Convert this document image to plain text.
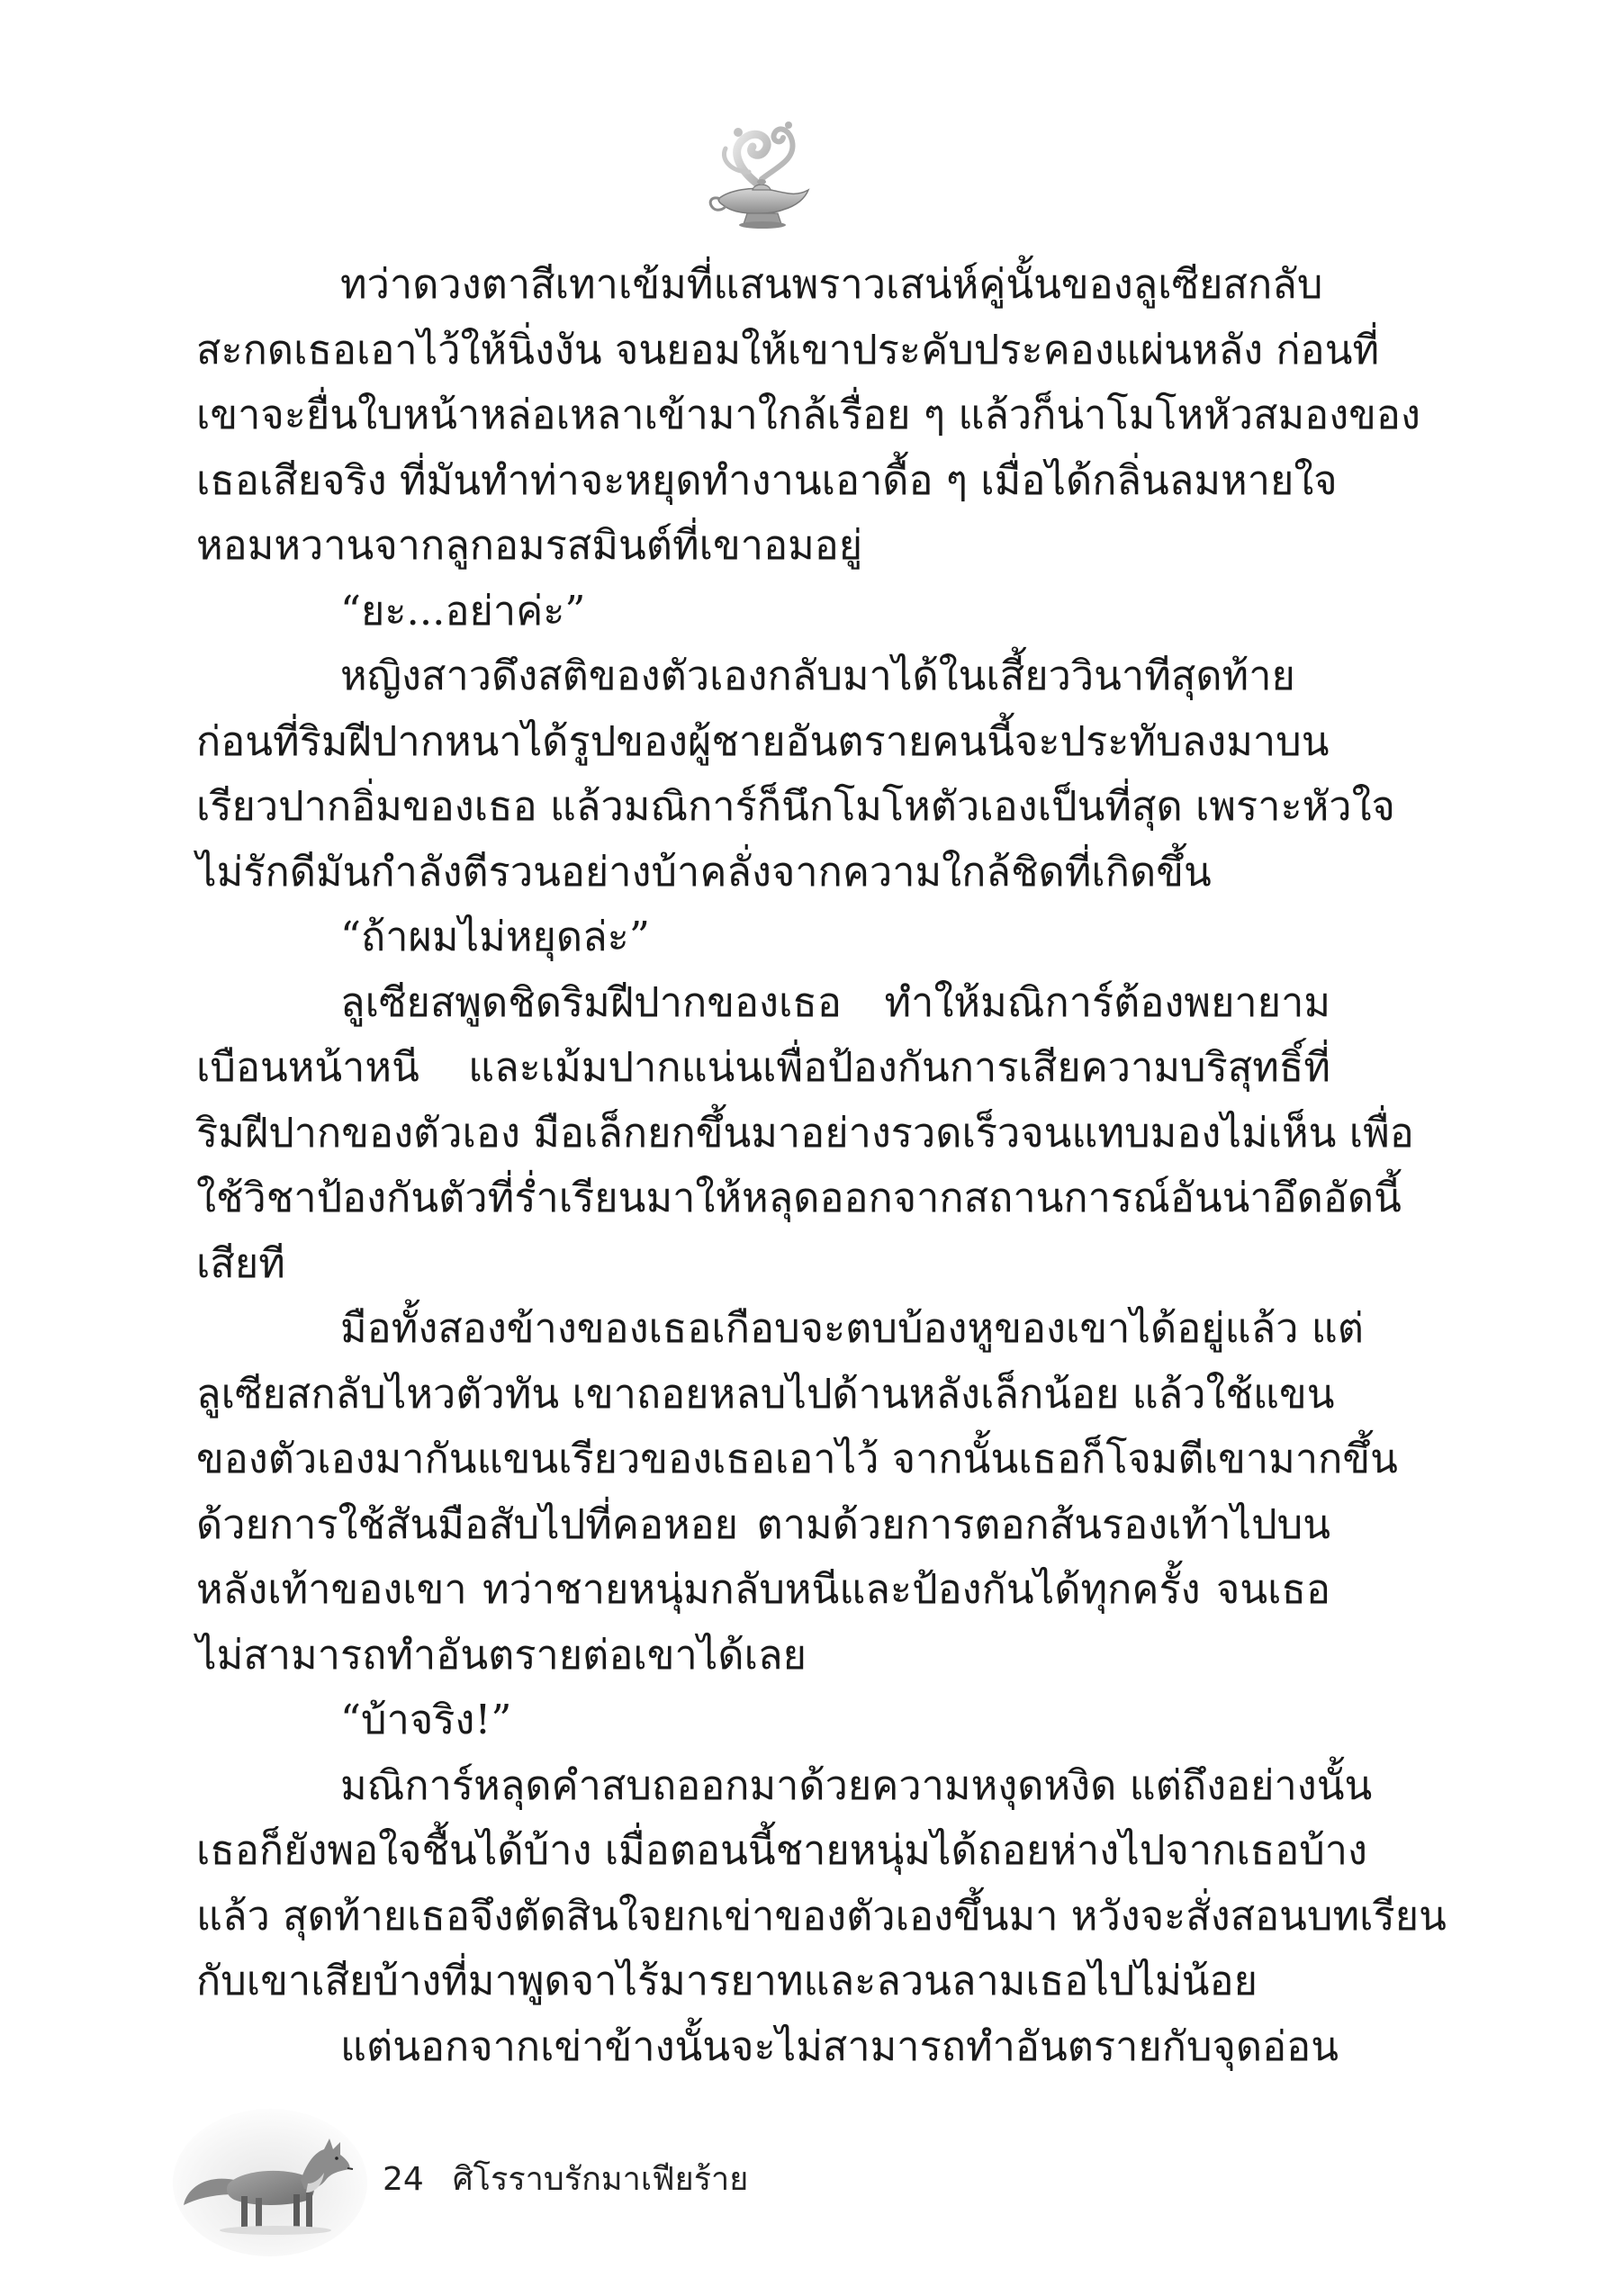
ทว่าดวงตาสีเทาเข้มที่แสนพราวเสน่ห์คู่นั้นของลูเซียสกลับ
สะกดเธอเอาไว้ให้นิ่งงัน จนยอมให้เขาประคับประคองแผ่นหลัง ก่อนที่
เขาจะยื่นใบหน้าหล่อเหลาเข้ามาใกล้เรื่อย ๆ แล้วก็น่าโมโหหัวสมองของ
เธอเสียจริง ที่มันทำท่าจะหยุดทำงานเอาดื้อ ๆ เมื่อได้กลิ่นลมหายใจ
หอมหวานจากลูกอมรสมินต์ที่เขาอมอยู่
“ยะ...อย่าค่ะ”
หญิงสาวดึงสติของตัวเองกลับมาได้ในเสี้ยววินาทีสุดท้าย
ก่อนที่ริมฝีปากหนาได้รูปของผู้ชายอันตรายคนนี้จะประทับลงมาบน
เรียวปากอิ่มของเธอ แล้วมณิการ์ก็นึกโมโหตัวเองเป็นที่สุด เพราะหัวใจ
ไม่รักดีมันกำลังตีรวนอย่างบ้าคลั่งจากความใกล้ชิดที่เกิดขึ้น
“ถ้าผมไม่หยุดล่ะ”
ลูเซียสพูดชิดริมฝีปากของเธอ ทำให้มณิการ์ต้องพยายาม
เบือนหน้าหนี และเม้มปากแน่นเพื่อป้องกันการเสียความบริสุทธิ์ที่
ริมฝีปากของตัวเอง มือเล็กยกขึ้นมาอย่างรวดเร็วจนแทบมองไม่เห็น เพื่อ
ใช้วิชาป้องกันตัวที่ร่ำเรียนมาให้หลุดออกจากสถานการณ์อันน่าอึดอัดนี้
เสียที
มือทั้งสองข้างของเธอเกือบจะตบบ้องหูของเขาได้อยู่แล้ว แต่
ลูเซียสกลับไหวตัวทัน เขาถอยหลบไปด้านหลังเล็กน้อย แล้วใช้แขน
ของตัวเองมากันแขนเรียวของเธอเอาไว้ จากนั้นเธอก็โจมตีเขามากขึ้น
ด้วยการใช้สันมือสับไปที่คอหอย ตามด้วยการตอกส้นรองเท้าไปบน
หลังเท้าของเขา ทว่าชายหนุ่มกลับหนีและป้องกันได้ทุกครั้ง จนเธอ
ไม่สามารถทำอันตรายต่อเขาได้เลย
“บ้าจริง!”
มณิการ์หลุดคำสบถออกมาด้วยความหงุดหงิด แต่ถึงอย่างนั้น
เธอก็ยังพอใจชื้นได้บ้าง เมื่อตอนนี้ชายหนุ่มได้ถอยห่างไปจากเธอบ้าง
แล้ว สุดท้ายเธอจึงตัดสินใจยกเข่าของตัวเองขึ้นมา หวังจะสั่งสอนบทเรียน
กับเขาเสียบ้างที่มาพูดจาไร้มารยาทและลวนลามเธอไปไม่น้อย
แต่นอกจากเข่าข้างนั้นจะไม่สามารถทำอันตรายกับจุดอ่อน
24 ศิโรราบรักมาเฟียร้าย
